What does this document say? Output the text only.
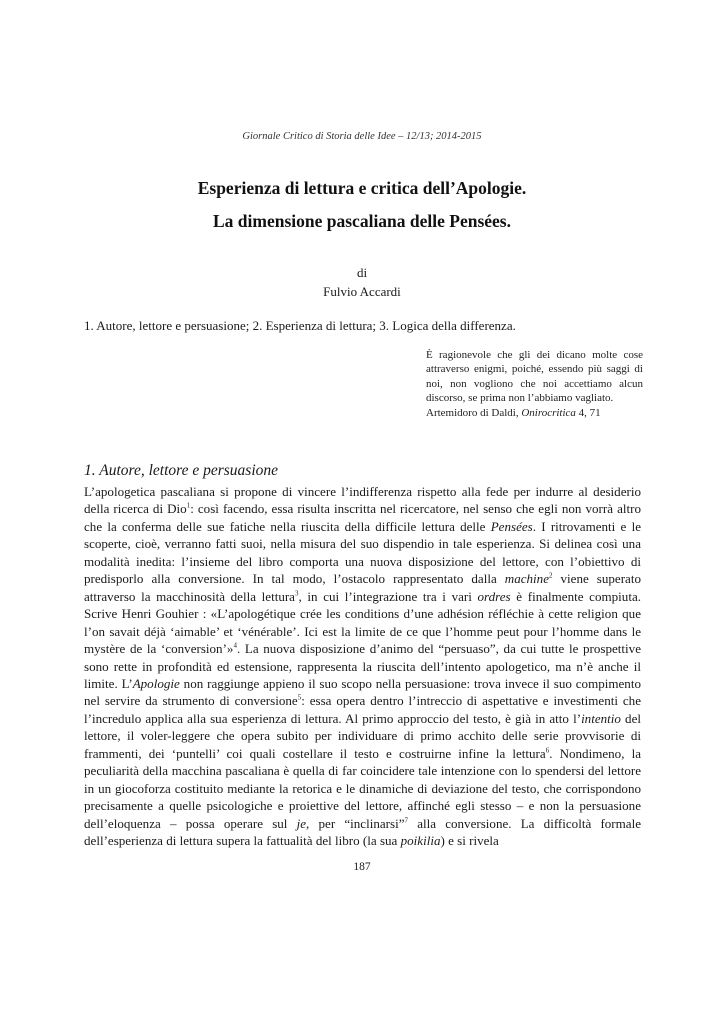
Giornale Critico di Storia delle Idee – 12/13; 2014-2015
Esperienza di lettura e critica dell’Apologie.
La dimensione pascaliana delle Pensées.
di
Fulvio Accardi
1. Autore, lettore e persuasione; 2. Esperienza di lettura; 3. Logica della differenza.
È ragionevole che gli dei dicano molte cose attraverso enigmi, poiché, essendo più saggi di noi, non vogliono che noi accettiamo alcun discorso, se prima non l’abbiamo vagliato.
Artemidoro di Daldi, Onirocritica 4, 71
1. Autore, lettore e persuasione
L’apologetica pascaliana si propone di vincere l’indifferenza rispetto alla fede per indurre al desiderio della ricerca di Dio$^1$: così facendo, essa risulta inscritta nel ricercatore, nel senso che egli non vorrà altro che la conferma delle sue fatiche nella riuscita della difficile lettura delle Pensées. I ritrovamenti e le scoperte, cioè, verranno fatti suoi, nella misura del suo dispendio in tale esperienza. Si delinea così una modalità inedita: l’insieme del libro comporta una nuova disposizione del lettore, con l’obiettivo di predisporlo alla conversione. In tal modo, l’ostacolo rappresentato dalla machine$^2$ viene superato attraverso la macchinosità della lettura$^3$, in cui l’integrazione tra i vari ordres è finalmente compiuta. Scrive Henri Gouhier : «L’apologétique crée les conditions d’une adhésion réfléchie à cette religion que l’on savait déjà ‘aimable’ et ‘vénérable’. Ici est la limite de ce que l’homme peut pour l’homme dans le mystère de la ‘conversion’»$^4$. La nuova disposizione d’animo del “persuaso”, da cui tutte le prospettive sono rette in profondità ed estensione, rappresenta la riuscita dell’intento apologetico, ma n’è anche il limite. L’Apologie non raggiunge appieno il suo scopo nella persuasione: trova invece il suo compimento nel servire da strumento di conversione$^5$: essa opera dentro l’intreccio di aspettative e investimenti che l’incredulo applica alla sua esperienza di lettura. Al primo approccio del testo, è già in atto l’intentio del lettore, il voler-leggere che opera subito per individuare di primo acchito delle serie provvisorie di frammenti, dei ‘puntelli’ coi quali costellare il testo e costruirne infine la lettura$^6$. Nondimeno, la peculiarità della macchina pascaliana è quella di far coincidere tale intenzione con lo spendersi del lettore in un giocoforza costituito mediante la retorica e le dinamiche di deviazione del testo, che corrispondono precisamente a quelle psicologiche e proiettive del lettore, affinché egli stesso – e non la persuasione dell’eloquenza – possa operare sul je, per “inclinarsi”$^7$ alla conversione. La difficoltà formale dell’esperienza di lettura supera la fattualità del libro (la sua poikilia) e si rivela
187
